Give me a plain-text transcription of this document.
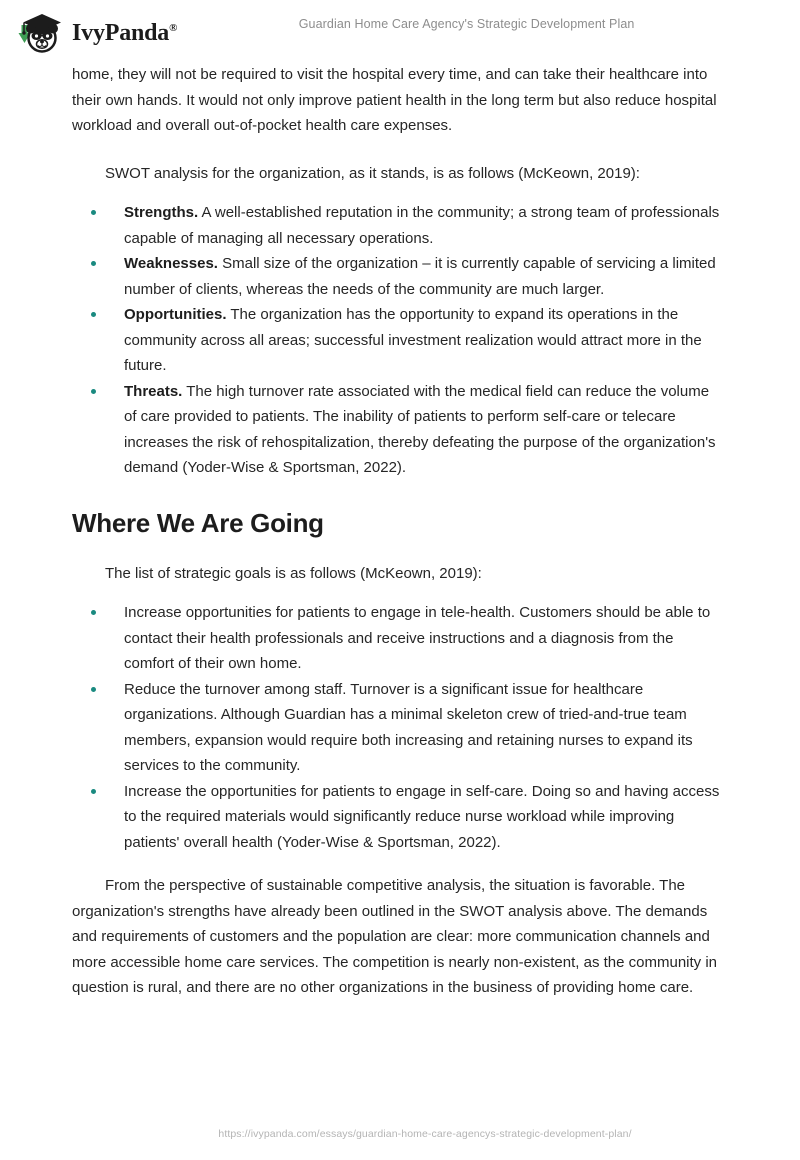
IvyPanda®	Guardian Home Care Agency's Strategic Development Plan

home, they will not be required to visit the hospital every time, and can take their healthcare into their own hands. It would not only improve patient health in the long term but also reduce hospital workload and overall out-of-pocket health care expenses.

SWOT analysis for the organization, as it stands, is as follows (McKeown, 2019):

Strengths. A well-established reputation in the community; a strong team of professionals capable of managing all necessary operations.
Weaknesses. Small size of the organization – it is currently capable of servicing a limited number of clients, whereas the needs of the community are much larger.
Opportunities. The organization has the opportunity to expand its operations in the community across all areas; successful investment realization would attract more in the future.
Threats. The high turnover rate associated with the medical field can reduce the volume of care provided to patients. The inability of patients to perform self-care or telecare increases the risk of rehospitalization, thereby defeating the purpose of the organization's demand (Yoder-Wise & Sportsman, 2022).
Where We Are Going

The list of strategic goals is as follows (McKeown, 2019):

Increase opportunities for patients to engage in tele-health. Customers should be able to contact their health professionals and receive instructions and a diagnosis from the comfort of their own home.
Reduce the turnover among staff. Turnover is a significant issue for healthcare organizations. Although Guardian has a minimal skeleton crew of tried-and-true team members, expansion would require both increasing and retaining nurses to expand its services to the community.
Increase the opportunities for patients to engage in self-care. Doing so and having access to the required materials would significantly reduce nurse workload while improving patients' overall health (Yoder-Wise & Sportsman, 2022).

From the perspective of sustainable competitive analysis, the situation is favorable. The organization's strengths have already been outlined in the SWOT analysis above. The demands and requirements of customers and the population are clear: more communication channels and more accessible home care services. The competition is nearly non-existent, as the community in question is rural, and there are no other organizations in the business of providing home care.

https://ivypanda.com/essays/guardian-home-care-agencys-strategic-development-plan/
